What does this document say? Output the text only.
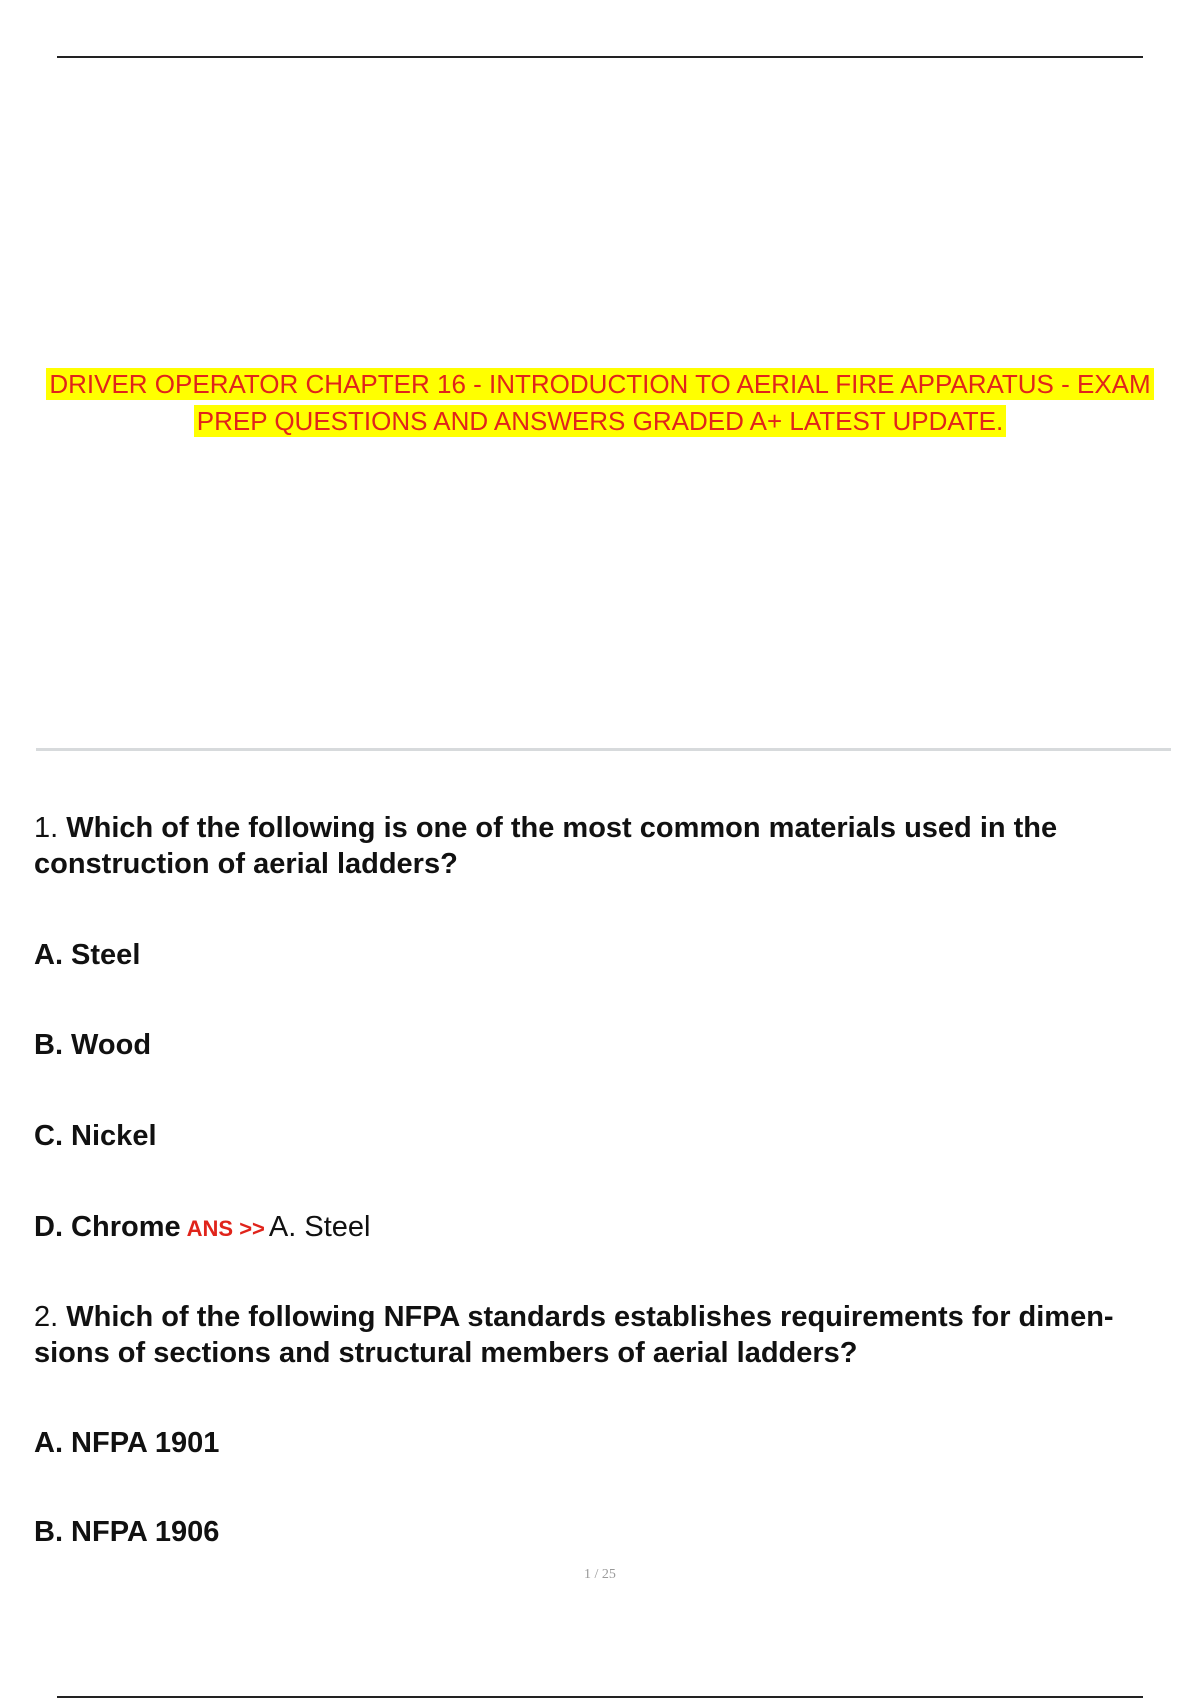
DRIVER OPERATOR CHAPTER 16 - INTRODUCTION TO AERIAL FIRE APPARATUS - EXAM
PREP QUESTIONS AND ANSWERS GRADED A+ LATEST UPDATE.
1. Which of the following is one of the most common materials used in the construction of aerial ladders?
A. Steel
B. Wood
C. Nickel
D. Chrome ANS >> A. Steel
2. Which of the following NFPA standards establishes requirements for dimen- sions of sections and structural members of aerial ladders?
A. NFPA 1901
B. NFPA 1906
1 / 25
